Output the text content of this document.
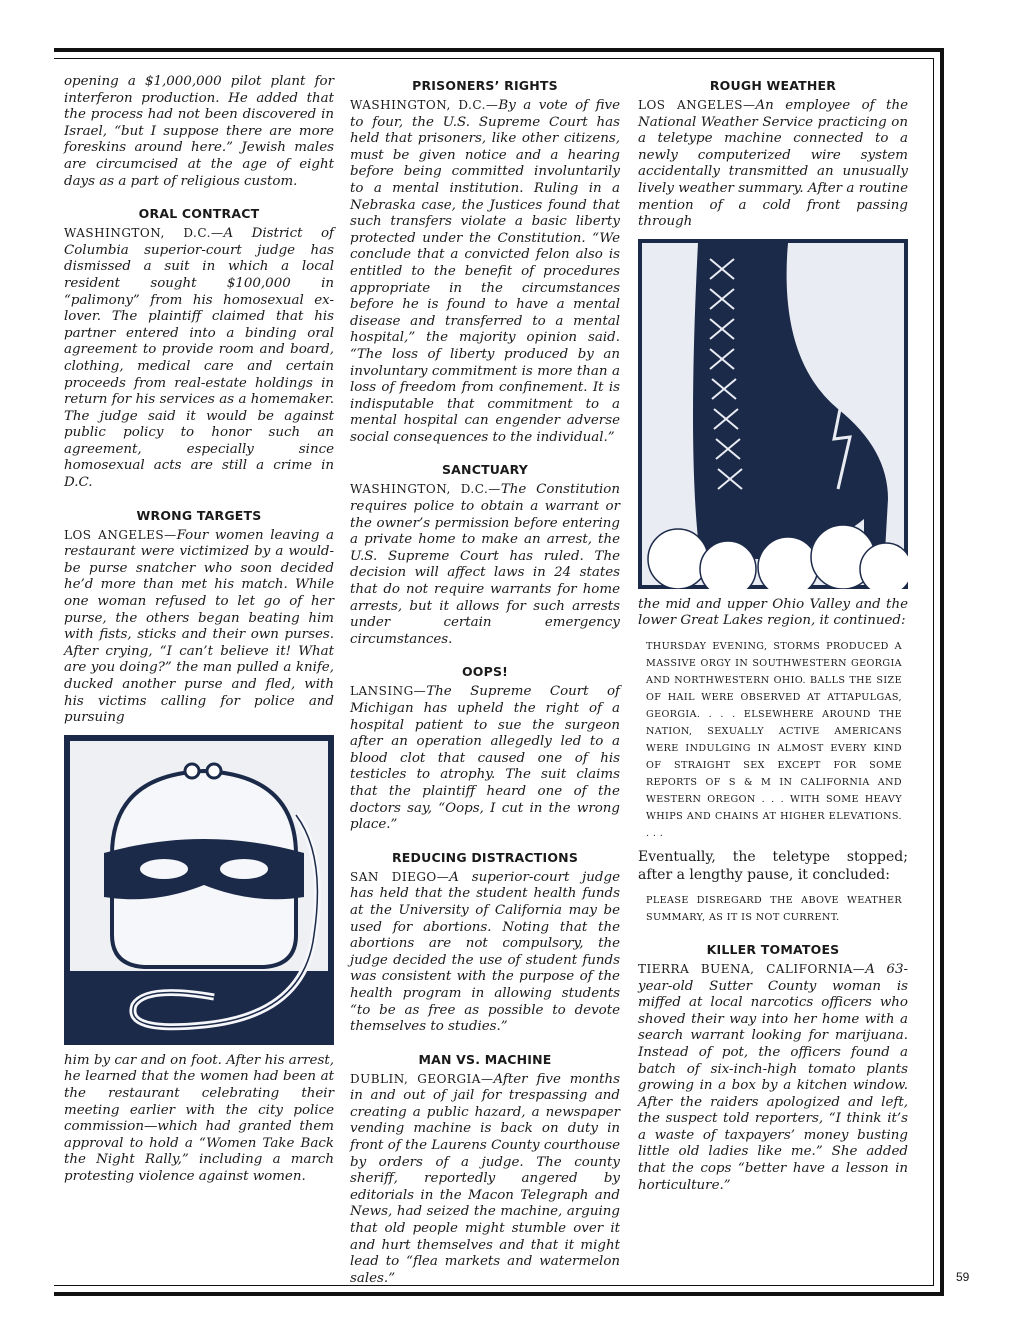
opening a $1,000,000 pilot plant for interferon production. He added that the process had not been discovered in Israel, “but I suppose there are more foreskins around here.” Jewish males are circumcised at the age of eight days as a part of religious custom.

ORAL CONTRACT

WASHINGTON, D.C.—A District of Columbia superior-court judge has dismissed a suit in which a local resident sought $100,000 in “palimony” from his homosexual ex-lover. The plaintiff claimed that his partner entered into a binding oral agreement to provide room and board, clothing, medical care and certain proceeds from real-estate holdings in return for his services as a homemaker. The judge said it would be against public policy to honor such an agreement, especially since homosexual acts are still a crime in D.C.

WRONG TARGETS

LOS ANGELES—Four women leaving a restaurant were victimized by a would-be purse snatcher who soon decided he’d more than met his match. While one woman refused to let go of her purse, the others began beating him with fists, sticks and their own purses. After crying, “I can’t believe it! What are you doing?” the man pulled a knife, ducked another purse and fled, with his victims calling for police and pursuing

him by car and on foot. After his arrest, he learned that the women had been at the restaurant celebrating their meeting earlier with the city police commission—which had granted them approval to hold a “Women Take Back the Night Rally,” including a march protesting violence against women.

PRISONERS’ RIGHTS

WASHINGTON, D.C.—By a vote of five to four, the U.S. Supreme Court has held that prisoners, like other citizens, must be given notice and a hearing before being committed involuntarily to a mental institution. Ruling in a Nebraska case, the Justices found that such transfers violate a basic liberty protected under the Constitution. “We conclude that a convicted felon also is entitled to the benefit of procedures appropriate in the circumstances before he is found to have a mental disease and transferred to a mental hospital,” the majority opinion said. “The loss of liberty produced by an involuntary commitment is more than a loss of freedom from confinement. It is indisputable that commitment to a mental hospital can engender adverse social consequences to the individual.”

SANCTUARY

WASHINGTON, D.C.—The Constitution requires police to obtain a warrant or the owner’s permission before entering a private home to make an arrest, the U.S. Supreme Court has ruled. The decision will affect laws in 24 states that do not require warrants for home arrests, but it allows for such arrests under certain emergency circumstances.

OOPS!

LANSING—The Supreme Court of Michigan has upheld the right of a hospital patient to sue the surgeon after an operation allegedly led to a blood clot that caused one of his testicles to atrophy. The suit claims that the plaintiff heard one of the doctors say, “Oops, I cut in the wrong place.”

REDUCING DISTRACTIONS

SAN DIEGO—A superior-court judge has held that the student health funds at the University of California may be used for abortions. Noting that the abortions are not compulsory, the judge decided the use of student funds was consistent with the purpose of the health program in allowing students “to be as free as possible to devote themselves to studies.”

MAN VS. MACHINE

DUBLIN, GEORGIA—After five months in and out of jail for trespassing and creating a public hazard, a newspaper vending machine is back on duty in front of the Laurens County courthouse by orders of a judge. The county sheriff, reportedly angered by editorials in the Macon Telegraph and News, had seized the machine, arguing that old people might stumble over it and hurt themselves and that it might lead to “flea markets and watermelon sales.”

ROUGH WEATHER

LOS ANGELES—An employee of the National Weather Service practicing on a teletype machine connected to a newly computerized wire system accidentally transmitted an unusually lively weather summary. After a routine mention of a cold front passing through

the mid and upper Ohio Valley and the lower Great Lakes region, it continued:

THURSDAY EVENING, STORMS PRODUCED A MASSIVE ORGY IN SOUTHWESTERN GEORGIA AND NORTHWESTERN OHIO. BALLS THE SIZE OF HAIL WERE OBSERVED AT ATTAPULGAS, GEORGIA. . . . ELSEWHERE AROUND THE NATION, SEXUALLY ACTIVE AMERICANS WERE INDULGING IN ALMOST EVERY KIND OF STRAIGHT SEX EXCEPT FOR SOME REPORTS OF S & M IN CALIFORNIA AND WESTERN OREGON . . . WITH SOME HEAVY WHIPS AND CHAINS AT HIGHER ELEVATIONS. . . .

Eventually, the teletype stopped; after a lengthy pause, it concluded:

PLEASE DISREGARD THE ABOVE WEATHER SUMMARY, AS IT IS NOT CURRENT.

KILLER TOMATOES

TIERRA BUENA, CALIFORNIA—A 63-year-old Sutter County woman is miffed at local narcotics officers who shoved their way into her home with a search warrant looking for marijuana. Instead of pot, the officers found a batch of six-inch-high tomato plants growing in a box by a kitchen window. After the raiders apologized and left, the suspect told reporters, “I think it’s a waste of taxpayers’ money busting little old ladies like me.” She added that the cops “better have a lesson in horticulture.”

59
